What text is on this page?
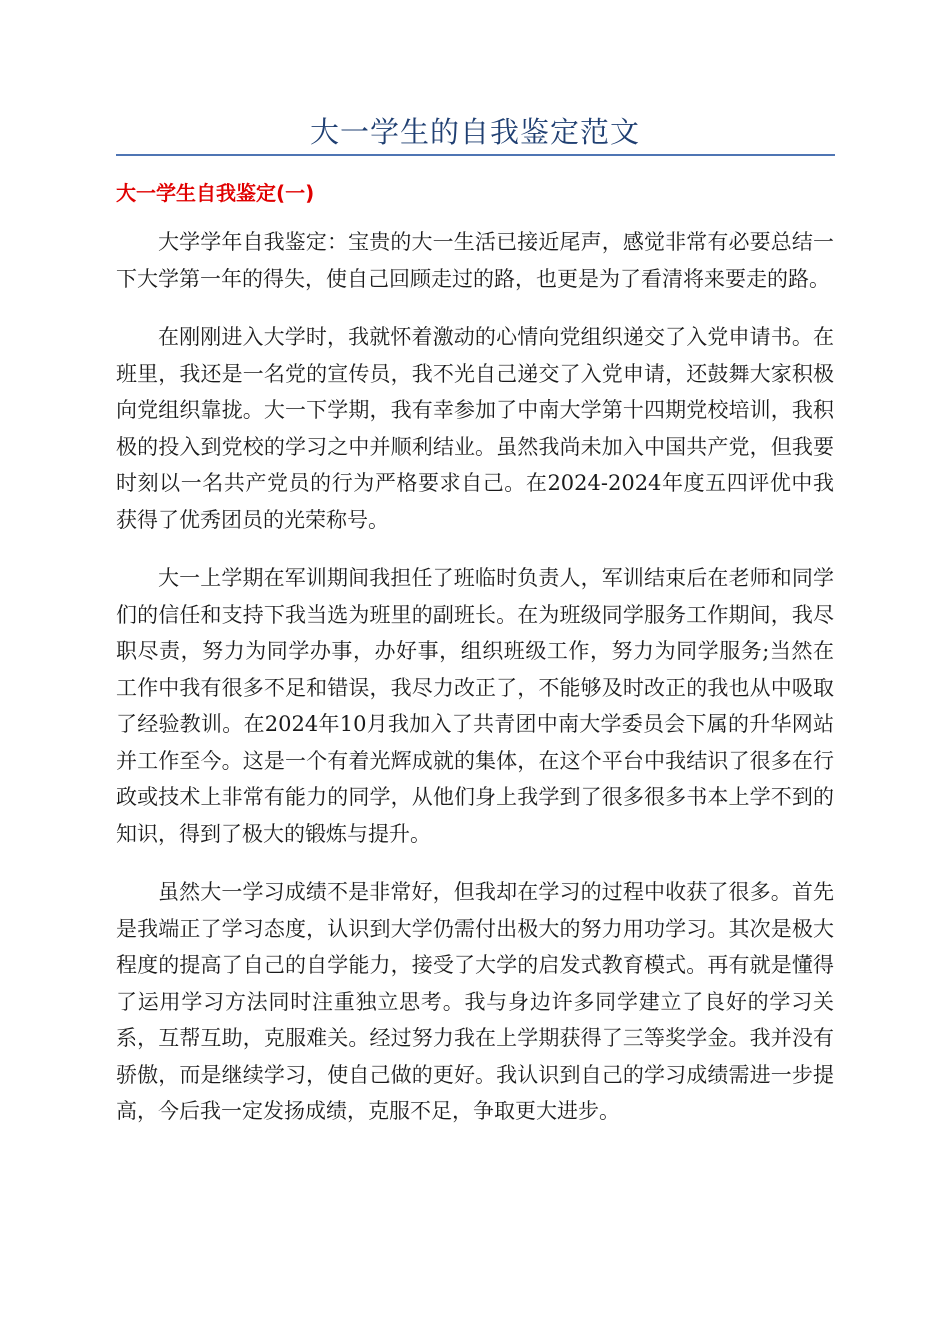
大一学生的自我鉴定范文
大一学生自我鉴定(一)

大学学年自我鉴定：宝贵的大一生活已接近尾声，感觉非常有必要总结一下大学第一年的得失，使自己回顾走过的路，也更是为了看清将来要走的路。

在刚刚进入大学时，我就怀着激动的心情向党组织递交了入党申请书。在班里，我还是一名党的宣传员，我不光自己递交了入党申请，还鼓舞大家积极向党组织靠拢。大一下学期，我有幸参加了中南大学第十四期党校培训，我积极的投入到党校的学习之中并顺利结业。虽然我尚未加入中国共产党，但我要时刻以一名共产党员的行为严格要求自己。在2024-2024年度五四评优中我获得了优秀团员的光荣称号。

大一上学期在军训期间我担任了班临时负责人，军训结束后在老师和同学们的信任和支持下我当选为班里的副班长。在为班级同学服务工作期间，我尽职尽责，努力为同学办事，办好事，组织班级工作，努力为同学服务;当然在工作中我有很多不足和错误，我尽力改正了，不能够及时改正的我也从中吸取了经验教训。在2024年10月我加入了共青团中南大学委员会下属的升华网站并工作至今。这是一个有着光辉成就的集体，在这个平台中我结识了很多在行政或技术上非常有能力的同学，从他们身上我学到了很多很多书本上学不到的知识，得到了极大的锻炼与提升。

虽然大一学习成绩不是非常好，但我却在学习的过程中收获了很多。首先是我端正了学习态度，认识到大学仍需付出极大的努力用功学习。其次是极大程度的提高了自己的自学能力，接受了大学的启发式教育模式。再有就是懂得了运用学习方法同时注重独立思考。我与身边许多同学建立了良好的学习关系，互帮互助，克服难关。经过努力我在上学期获得了三等奖学金。我并没有骄傲，而是继续学习，使自己做的更好。我认识到自己的学习成绩需进一步提高，今后我一定发扬成绩，克服不足，争取更大进步。
